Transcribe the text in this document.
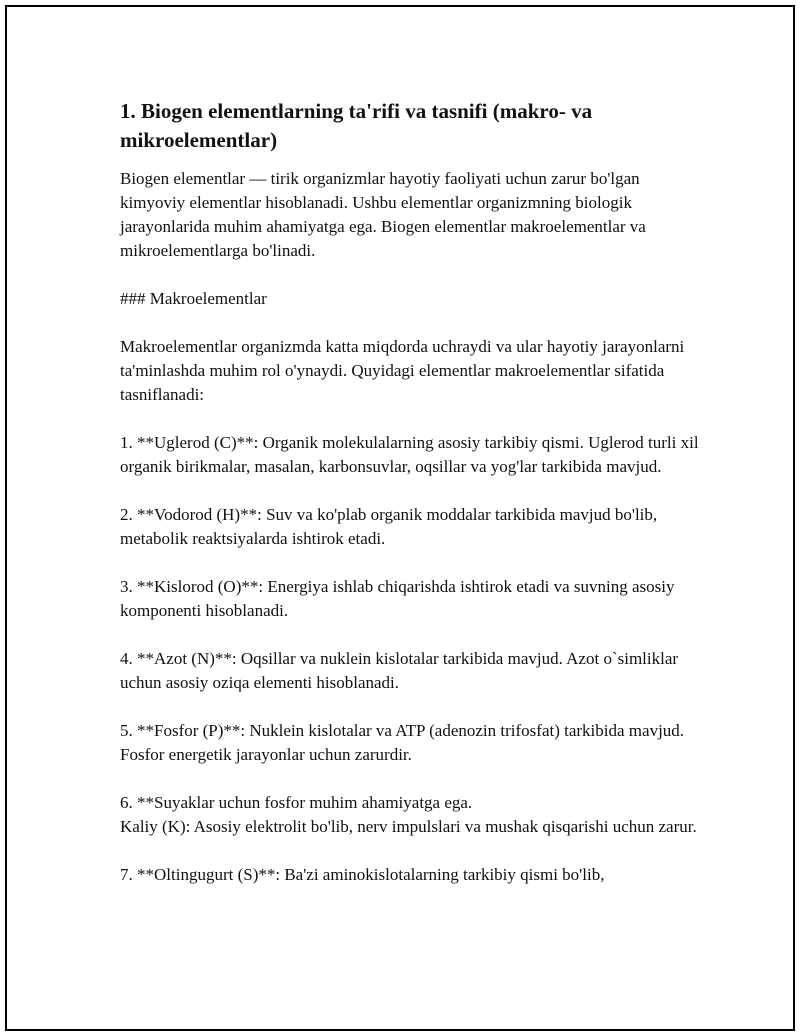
1. Biogen elementlarning ta'rifi va tasnifi (makro- va mikroelementlar)

Biogen elementlar — tirik organizmlar hayotiy faoliyati uchun zarur bo'lgan kimyoviy elementlar hisoblanadi. Ushbu elementlar organizmning biologik jarayonlarida muhim ahamiyatga ega. Biogen elementlar makroelementlar va mikroelementlarga bo'linadi.

### Makroelementlar

Makroelementlar organizmda katta miqdorda uchraydi va ular hayotiy jarayonlarni ta'minlashda muhim rol o'ynaydi. Quyidagi elementlar makroelementlar sifatida tasniflanadi:

1. **Uglerod (C)**: Organik molekulalarning asosiy tarkibiy qismi. Uglerod turli xil organik birikmalar, masalan, karbonsuvlar, oqsillar va yog'lar tarkibida mavjud.

2. **Vodorod (H)**: Suv va ko'plab organik moddalar tarkibida mavjud bo'lib, metabolik reaktsiyalarda ishtirok etadi.

3. **Kislorod (O)**: Energiya ishlab chiqarishda ishtirok etadi va suvning asosiy komponenti hisoblanadi.

4. **Azot (N)**: Oqsillar va nuklein kislotalar tarkibida mavjud. Azot o`simliklar uchun asosiy oziqa elementi hisoblanadi.

5. **Fosfor (P)**: Nuklein kislotalar va ATP (adenozin trifosfat) tarkibida mavjud. Fosfor energetik jarayonlar uchun zarurdir.

6. **Suyaklar uchun fosfor muhim ahamiyatga ega.
Kaliy (K): Asosiy elektrolit bo'lib, nerv impulslari va mushak qisqarishi uchun zarur.

7. **Oltingugurt (S)**: Ba'zi aminokislotalarning tarkibiy qismi bo'lib,
